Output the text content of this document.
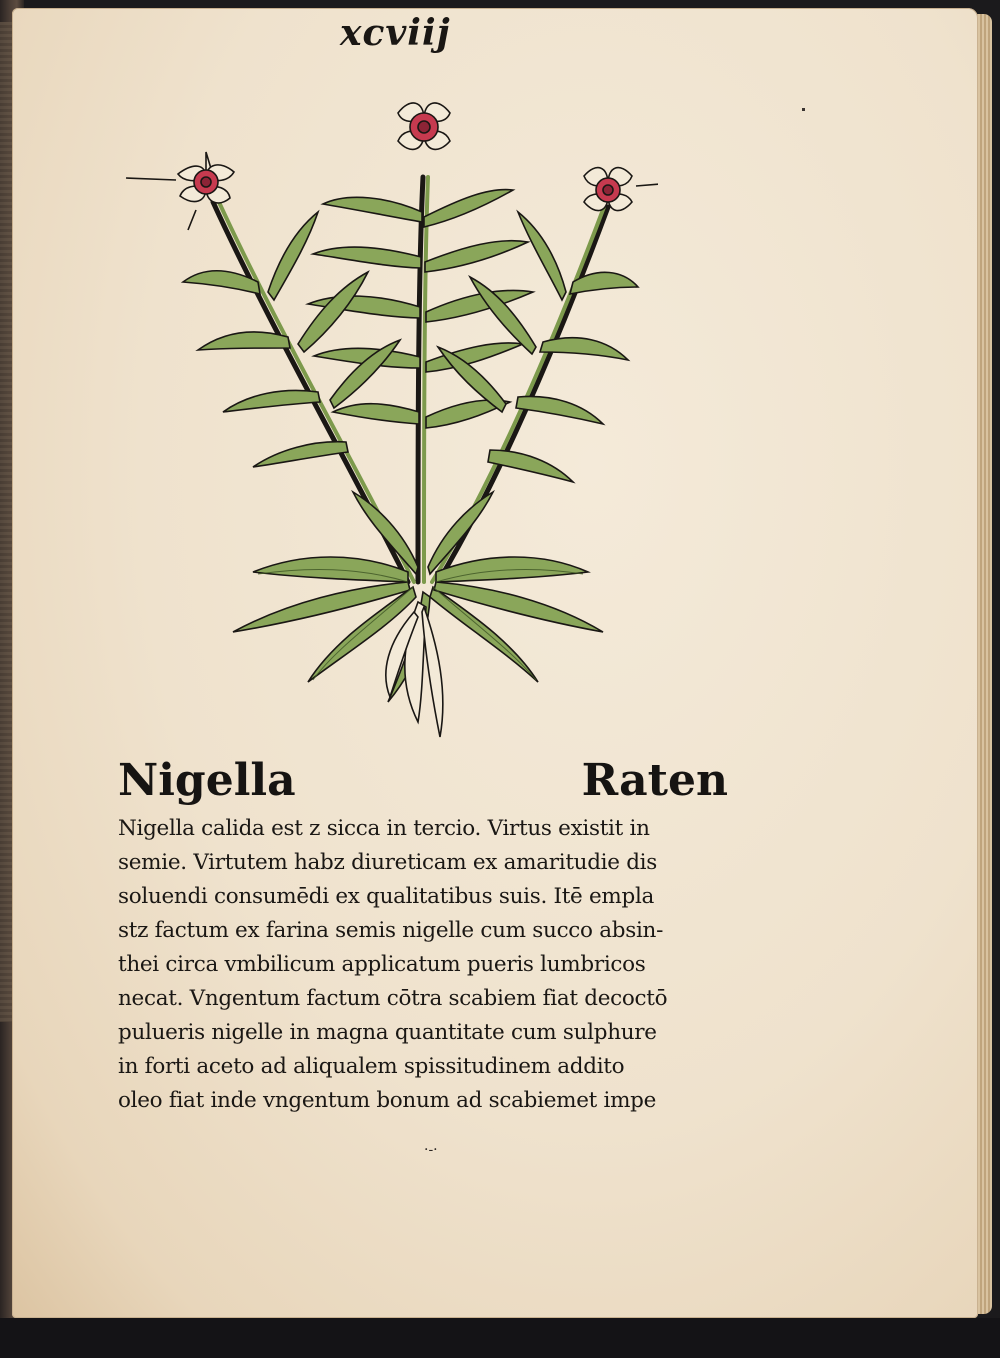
xcviij
Nigella	Raten
Nigella calida est z sicca in tercio. Virtus existit in
semie. Virtutem habz diureticam ex amaritudie dis
soluendi consumēdi ex qualitatibus suis. Itē empla
stz factum ex farina semis nigelle cum succo absin-
thei circa vmbilicum applicatum pueris lumbricos
necat. Vngentum factum cōtra scabiem fiat decoctō
pulueris nigelle in magna quantitate cum sulphure
in forti aceto ad aliqualem spissitudinem addito
oleo fiat inde vngentum bonum ad scabiemet impe
·‑·
